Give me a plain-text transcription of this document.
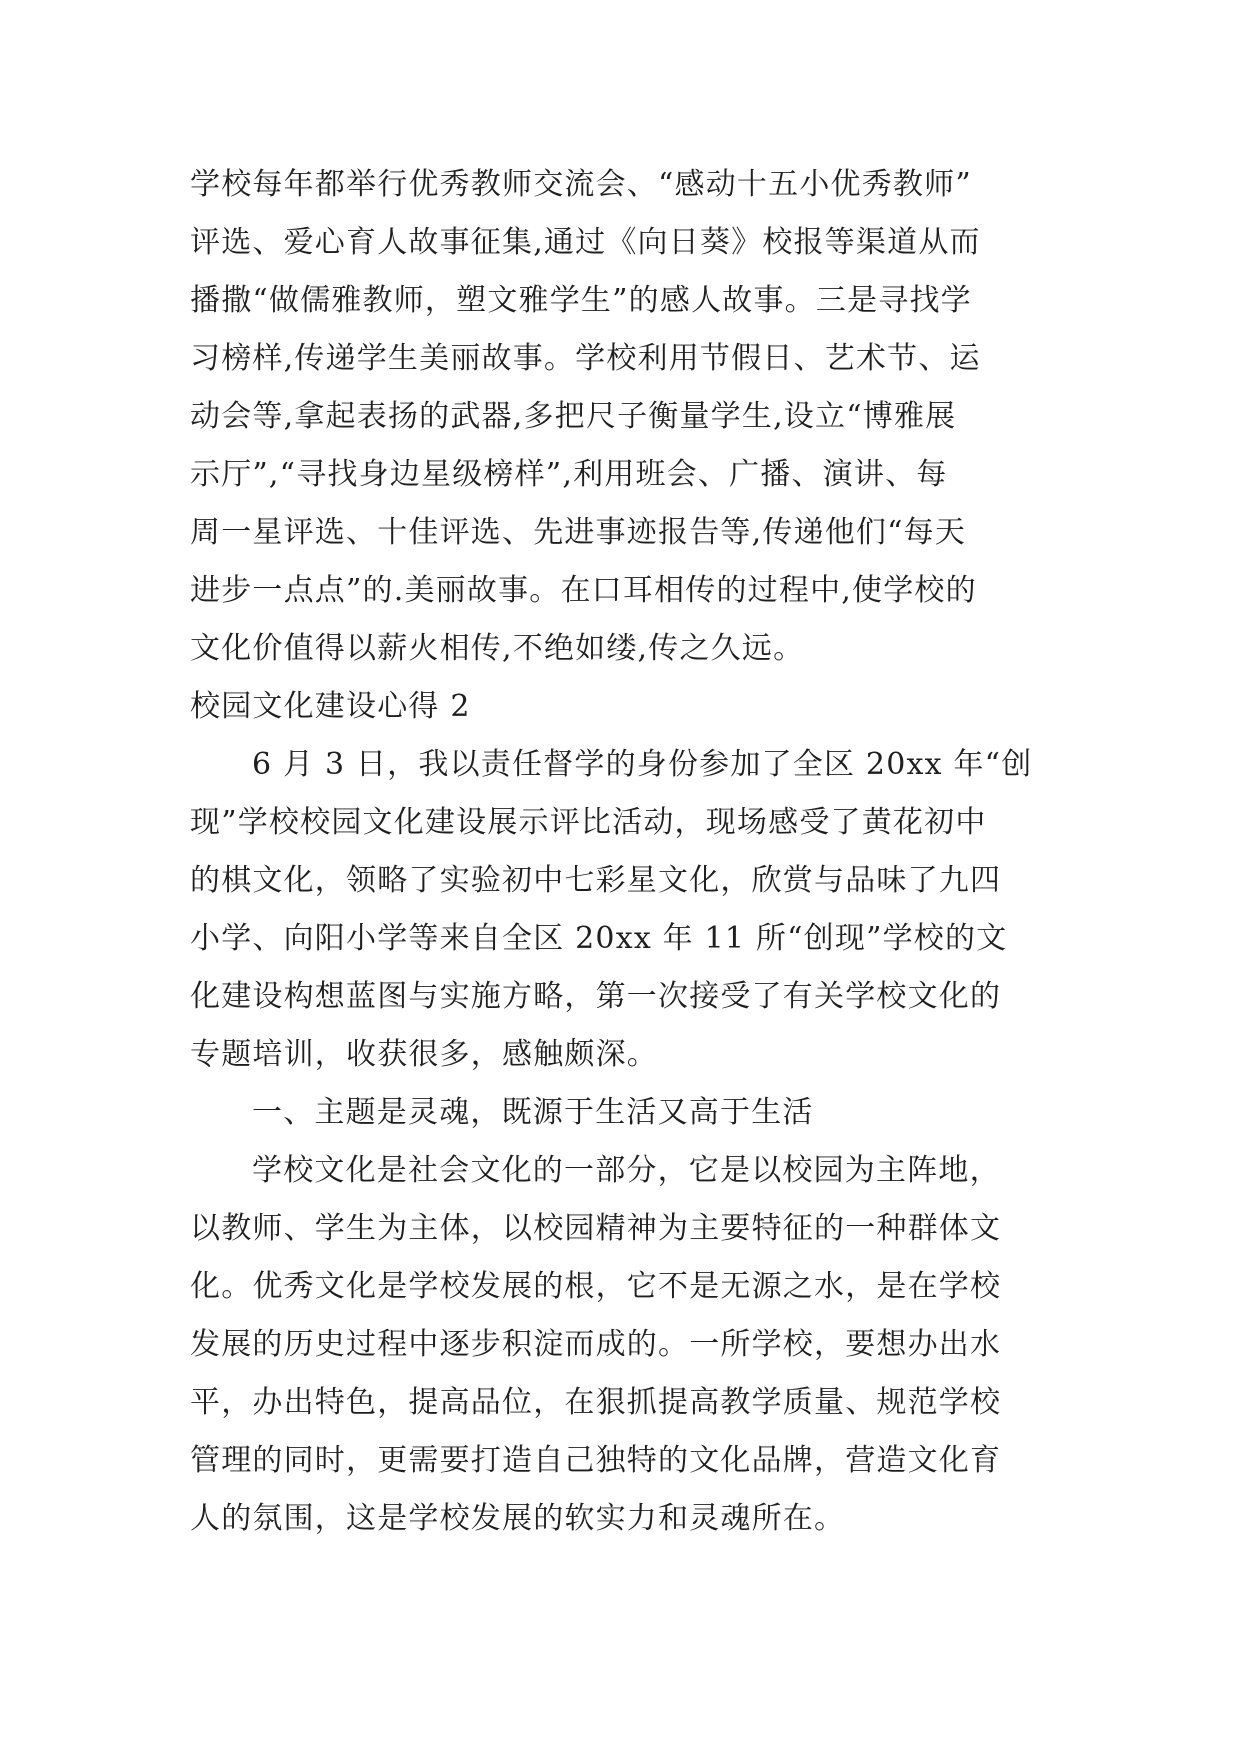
学校每年都举行优秀教师交流会、“感动十五小优秀教师”
评选、爱心育人故事征集,通过《向日葵》校报等渠道从而
播撒“做儒雅教师，塑文雅学生”的感人故事。三是寻找学
习榜样,传递学生美丽故事。学校利用节假日、艺术节、运
动会等,拿起表扬的武器,多把尺子衡量学生,设立“博雅展
示厅”,“寻找身边星级榜样”,利用班会、广播、演讲、每
周一星评选、十佳评选、先进事迹报告等,传递他们“每天
进步一点点”的.美丽故事。在口耳相传的过程中,使学校的
文化价值得以薪火相传,不绝如缕,传之久远。
校园文化建设心得 2
6 月 3 日，我以责任督学的身份参加了全区 20xx 年“创
现”学校校园文化建设展示评比活动，现场感受了黄花初中
的棋文化，领略了实验初中七彩星文化，欣赏与品味了九四
小学、向阳小学等来自全区 20xx 年 11 所“创现”学校的文
化建设构想蓝图与实施方略，第一次接受了有关学校文化的
专题培训，收获很多，感触颇深。
一、主题是灵魂，既源于生活又高于生活
学校文化是社会文化的一部分，它是以校园为主阵地，
以教师、学生为主体，以校园精神为主要特征的一种群体文
化。优秀文化是学校发展的根，它不是无源之水，是在学校
发展的历史过程中逐步积淀而成的。一所学校，要想办出水
平，办出特色，提高品位，在狠抓提高教学质量、规范学校
管理的同时，更需要打造自己独特的文化品牌，营造文化育
人的氛围，这是学校发展的软实力和灵魂所在。
